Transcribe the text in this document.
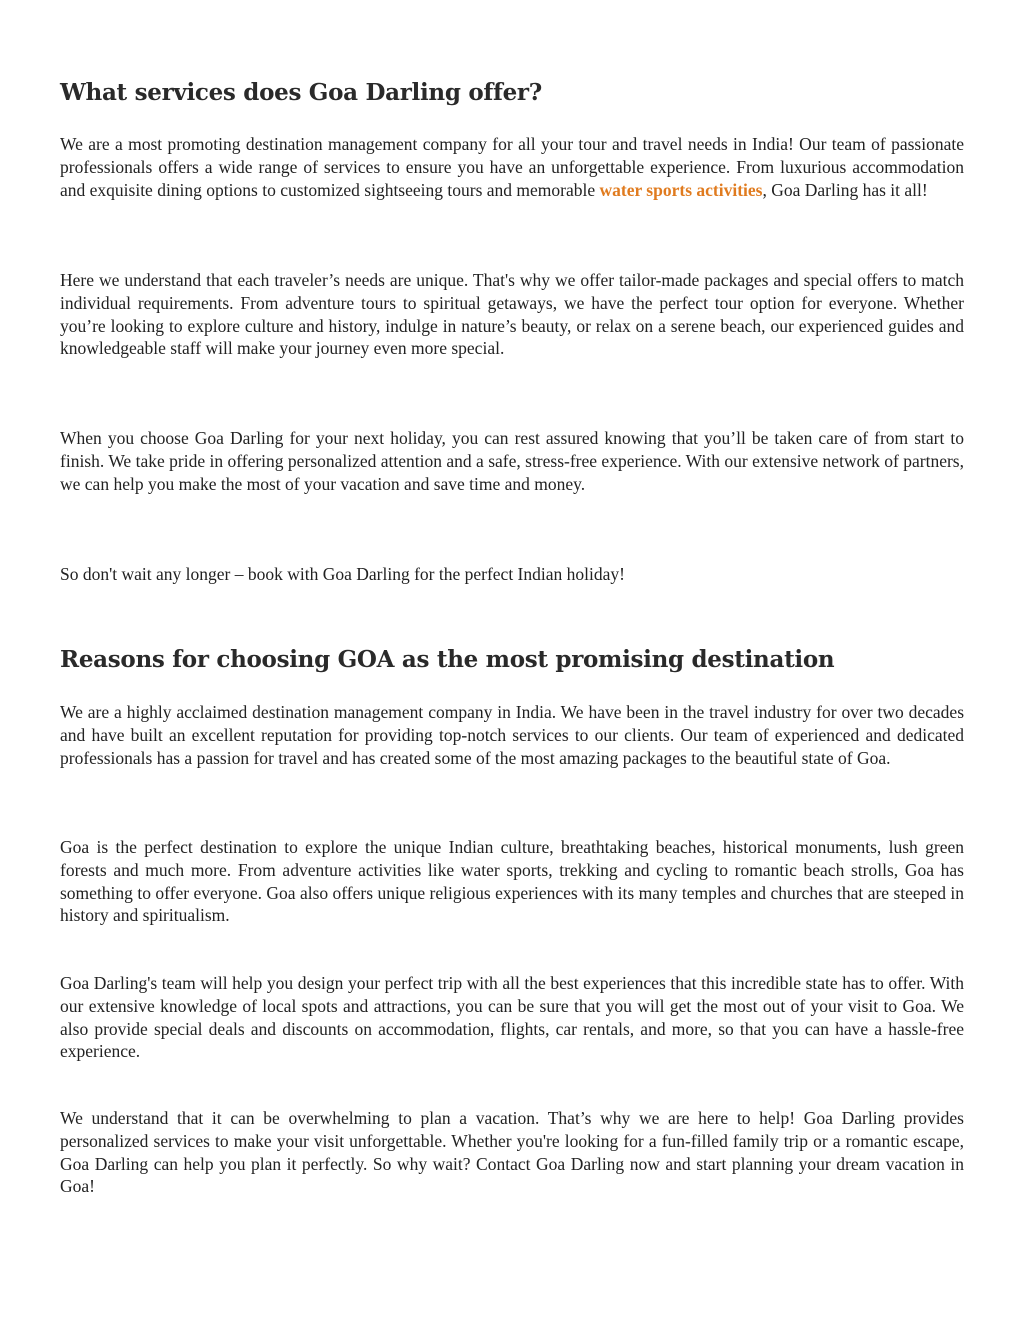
What services does Goa Darling offer?

We are a most promoting destination management company for all your tour and travel needs in India! Our team of passionate professionals offers a wide range of services to ensure you have an unforgettable experience. From luxurious accommodation and exquisite dining options to customized sightseeing tours and memorable water sports activities, Goa Darling has it all!

Here we understand that each traveler’s needs are unique. That's why we offer tailor-made packages and special offers to match individual requirements. From adventure tours to spiritual getaways, we have the perfect tour option for everyone. Whether you’re looking to explore culture and history, indulge in nature’s beauty, or relax on a serene beach, our experienced guides and knowledgeable staff will make your journey even more special.

When you choose Goa Darling for your next holiday, you can rest assured knowing that you’ll be taken care of from start to finish. We take pride in offering personalized attention and a safe, stress-free experience. With our extensive network of partners, we can help you make the most of your vacation and save time and money.

So don't wait any longer – book with Goa Darling for the perfect Indian holiday!

Reasons for choosing GOA as the most promising destination

We are a highly acclaimed destination management company in India. We have been in the travel industry for over two decades and have built an excellent reputation for providing top-notch services to our clients. Our team of experienced and dedicated professionals has a passion for travel and has created some of the most amazing packages to the beautiful state of Goa.

Goa is the perfect destination to explore the unique Indian culture, breathtaking beaches, historical monuments, lush green forests and much more. From adventure activities like water sports, trekking and cycling to romantic beach strolls, Goa has something to offer everyone. Goa also offers unique religious experiences with its many temples and churches that are steeped in history and spiritualism.

Goa Darling's team will help you design your perfect trip with all the best experiences that this incredible state has to offer. With our extensive knowledge of local spots and attractions, you can be sure that you will get the most out of your visit to Goa. We also provide special deals and discounts on accommodation, flights, car rentals, and more, so that you can have a hassle-free experience.

We understand that it can be overwhelming to plan a vacation. That’s why we are here to help! Goa Darling provides personalized services to make your visit unforgettable. Whether you're looking for a fun-filled family trip or a romantic escape, Goa Darling can help you plan it perfectly. So why wait? Contact Goa Darling now and start planning your dream vacation in Goa!
